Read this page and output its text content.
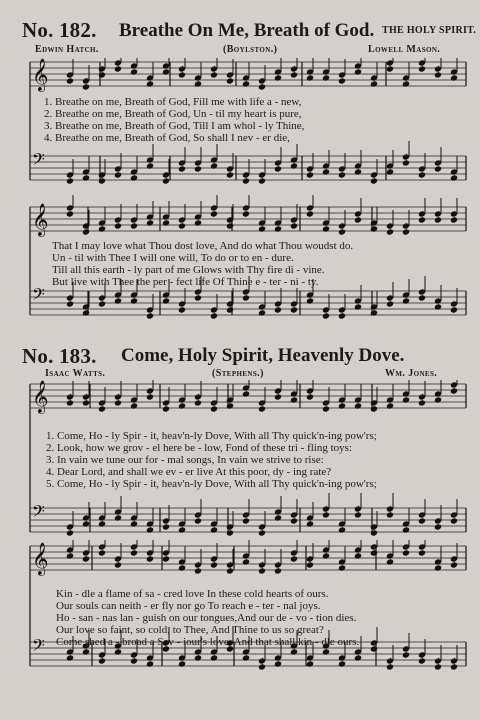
No. 182. Breathe On Me, Breath of God. THE HOLY SPIRIT.
Edwin Hatch.	(Boylston.)	Lowell Mason.
𝄞
𝄢
1. Breathe on me, Breath of God, Fill me with life a - new,
2. Breathe on me, Breath of God, Un - til my heart is pure,
3. Breathe on me, Breath of God, Till I am whol - ly Thine,
4. Breathe on me, Breath of God, So shall I nev - er die,
𝄞
𝄢
That I may love what Thou dost love, And do what Thou woudst do.
Un - til with Thee I will one will, To do or to en - dure.
Till all this earth - ly part of me Glows with Thy fire di - vine.
But live with Thee the per - fect life Of Thine e - ter - ni - ty.
No. 183. Come, Holy Spirit, Heavenly Dove.
Isaac Watts.	(Stephens.)	Wm. Jones.
𝄞
𝄢
1. Come, Ho - ly Spir - it, heav'n-ly Dove, With all Thy quick'n-ing pow'rs;
2. Look, how we grov - el here be - low, Fond of these tri - fling toys:
3. In vain we tune our for - mal songs, In vain we strive to rise:
4. Dear Lord, and shall we ev - er live At this poor, dy - ing rate?
5. Come, Ho - ly Spir - it, heav'n-ly Dove, With all Thy quick'n-ing pow'rs;
𝄞
𝄢
Kin - dle a flame of sa - cred love In these cold hearts of ours.
Our souls can neith - er fly nor go To reach e - ter - nal joys.
Ho - san - nas lan - guish on our tongues,And our de - vo - tion dies.
Our love so faint, so cold, to Thee, And Thine to us so great?
Come,shed a - broad a Sav - iour's love, And that shall kin - dle ours.
